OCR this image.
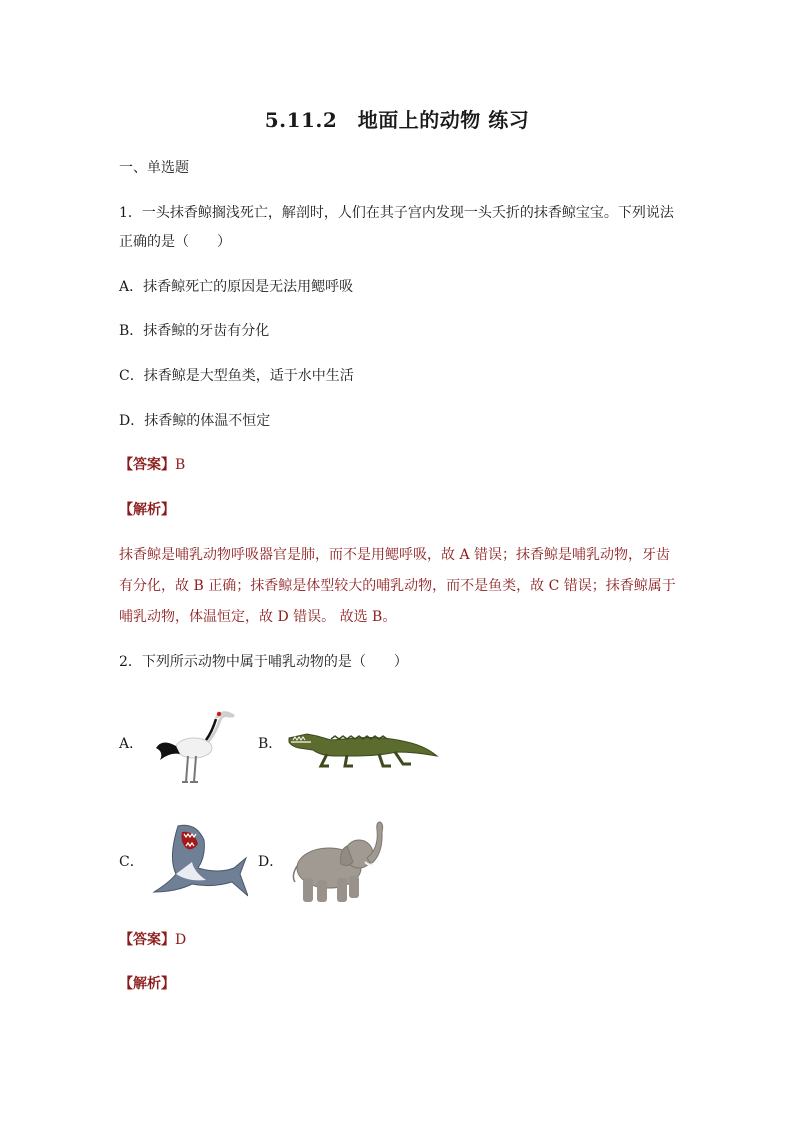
5.11.2　地面上的动物 练习
一、单选题
1．一头抹香鲸搁浅死亡，解剖时，人们在其子宫内发现一头夭折的抹香鲸宝宝。下列说法
正确的是（　　）
A．抹香鲸死亡的原因是无法用鳃呼吸
B．抹香鲸的牙齿有分化
C．抹香鲸是大型鱼类，适于水中生活
D．抹香鲸的体温不恒定
【答案】B
【解析】
抹香鲸是哺乳动物呼吸器官是肺，而不是用鳃呼吸，故 A 错误；抹香鲸是哺乳动物，牙齿
有分化，故 B 正确；抹香鲸是体型较大的哺乳动物，而不是鱼类，故 C 错误；抹香鲸属于
哺乳动物，体温恒定，故 D 错误。 故选 B。
2．下列所示动物中属于哺乳动物的是（　　）
A．	B．
C．	D．
【答案】D
【解析】
